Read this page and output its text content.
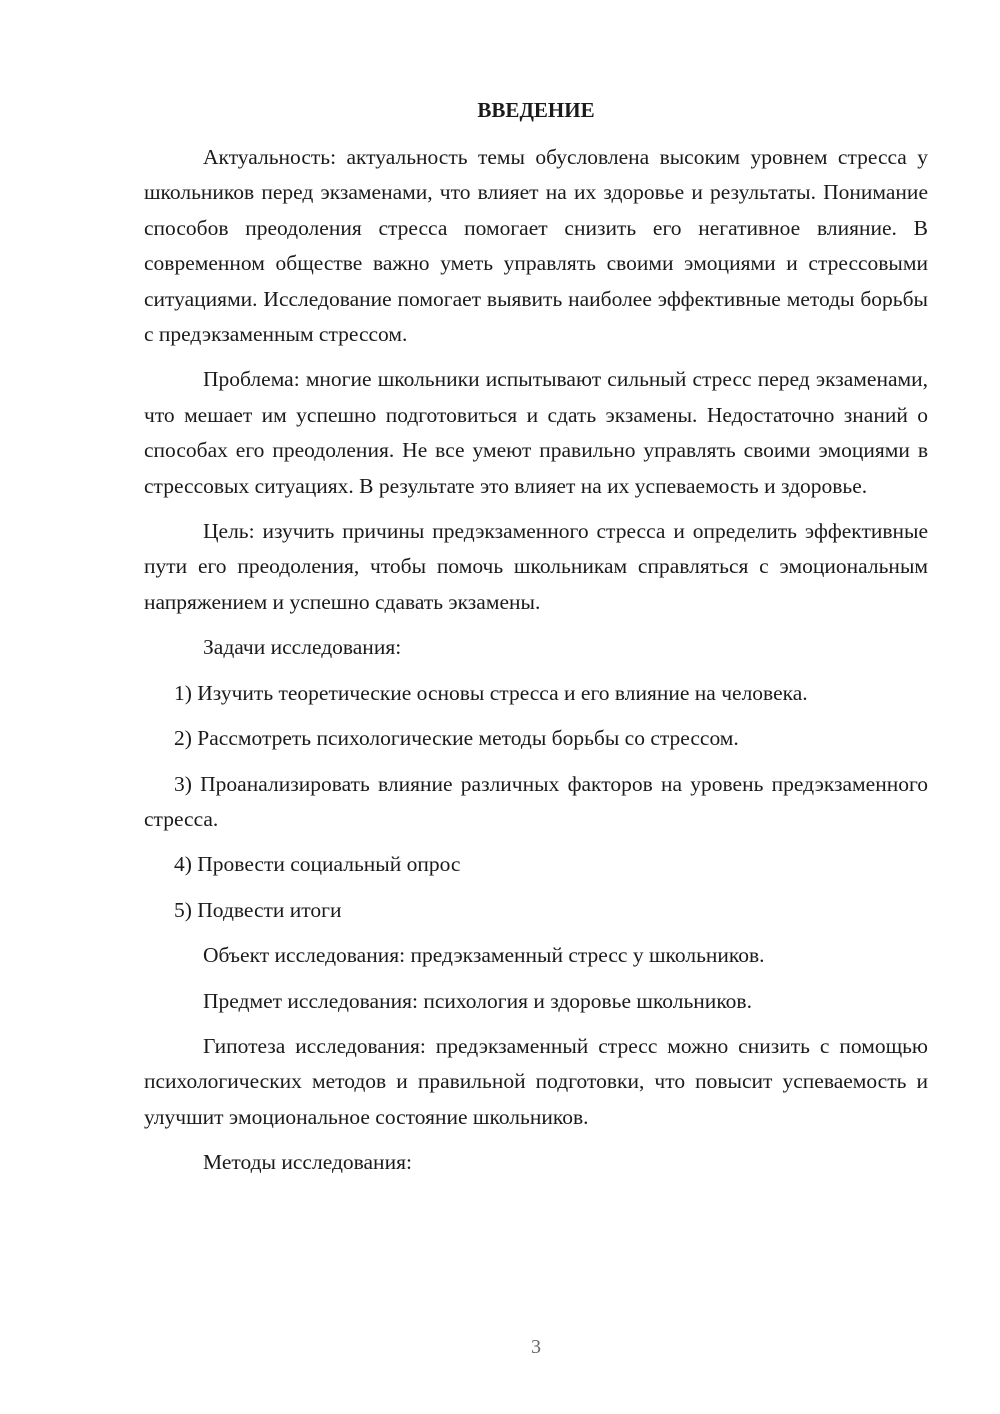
ВВЕДЕНИЕ

Актуальность: актуальность темы обусловлена высоким уровнем стресса у школьников перед экзаменами, что влияет на их здоровье и результаты. Понимание способов преодоления стресса помогает снизить его негативное влияние. В современном обществе важно уметь управлять своими эмоциями и стрессовыми ситуациями. Исследование помогает выявить наиболее эффективные методы борьбы с предэкзаменным стрессом.

Проблема: многие школьники испытывают сильный стресс перед экзаменами, что мешает им успешно подготовиться и сдать экзамены. Недостаточно знаний о способах его преодоления. Не все умеют правильно управлять своими эмоциями в стрессовых ситуациях. В результате это влияет на их успеваемость и здоровье.

Цель: изучить причины предэкзаменного стресса и определить эффективные пути его преодоления, чтобы помочь школьникам справляться с эмоциональным напряжением и успешно сдавать экзамены.

Задачи исследования:

1) Изучить теоретические основы стресса и его влияние на человека.

2) Рассмотреть психологические методы борьбы со стрессом.

3) Проанализировать влияние различных факторов на уровень предэкзаменного стресса.

4) Провести социальный опрос

5) Подвести итоги

Объект исследования: предэкзаменный стресс у школьников.

Предмет исследования: психология и здоровье школьников.

Гипотеза исследования: предэкзаменный стресс можно снизить с помощью психологических методов и правильной подготовки, что повысит успеваемость и улучшит эмоциональное состояние школьников.

Методы исследования:

3
